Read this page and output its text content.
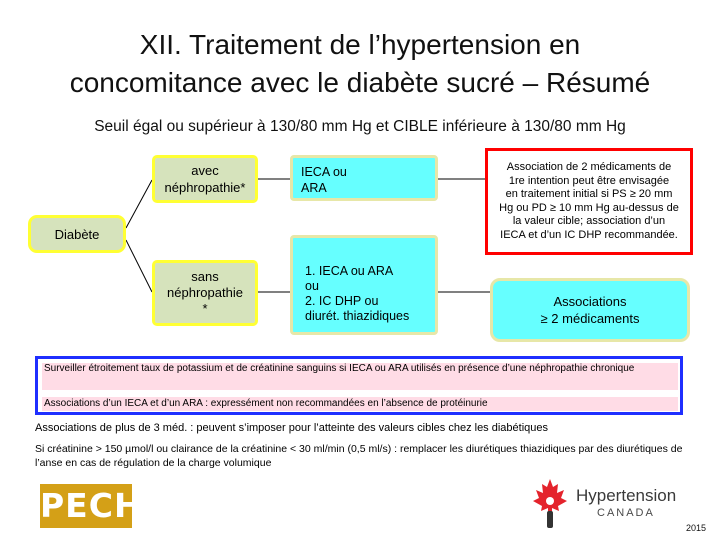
XII. Traitement de l’hypertension en
concomitance avec le diabète sucré – Résumé
Seuil égal ou supérieur à 130/80 mm Hg et CIBLE inférieure à 130/80 mm Hg
Diabète
avec
néphropathie*
sans
néphropathie
*
IECA ou
ARA
1. IECA ou ARA
ou
2. IC DHP ou
diurét. thiazidiques
Association de 2 médicaments de
1re intention peut être envisagée
en traitement initial si PS ≥ 20 mm
Hg ou PD ≥ 10 mm Hg au-dessus de
la valeur cible; association d’un
IECA et d’un IC DHP recommandée.
Associations
≥ 2 médicaments
Surveiller étroitement taux de potassium et de créatinine sanguins si IECA ou ARA utilisés en présence d’une néphropathie chronique
Associations d’un IECA et d’un ARA : expressément non recommandées en l’absence de protéinurie
Associations de plus de 3 méd. : peuvent s’imposer pour l’atteinte des valeurs cibles chez les diabétiques
Si créatinine > 150 µmol/l ou clairance de la créatinine < 30 ml/min (0,5 ml/s) : remplacer les diurétiques thiazidiques par des diurétiques de l’anse en cas de régulation de la charge volumique
PECH	Hypertension
CANADA
2015
